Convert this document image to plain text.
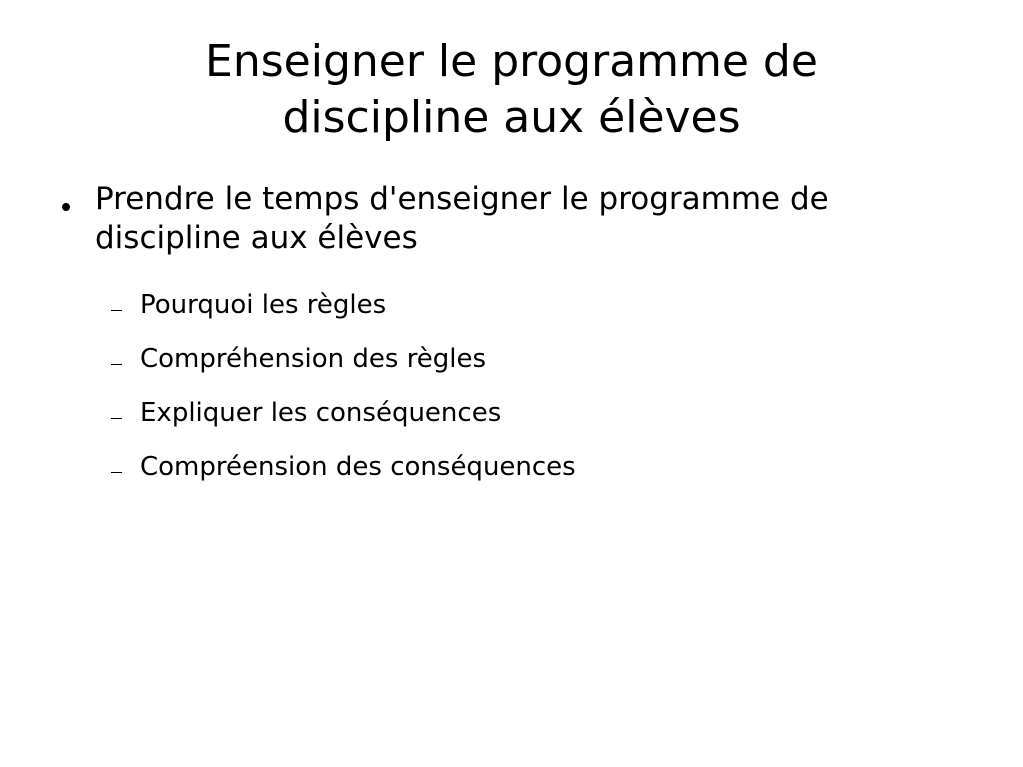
Enseigner le programme de
discipline aux élèves
Prendre le temps d'enseigner le programme de discipline aux élèves
Pourquoi les règles
Compréhension des règles
Expliquer les conséquences
Compréension des conséquences
